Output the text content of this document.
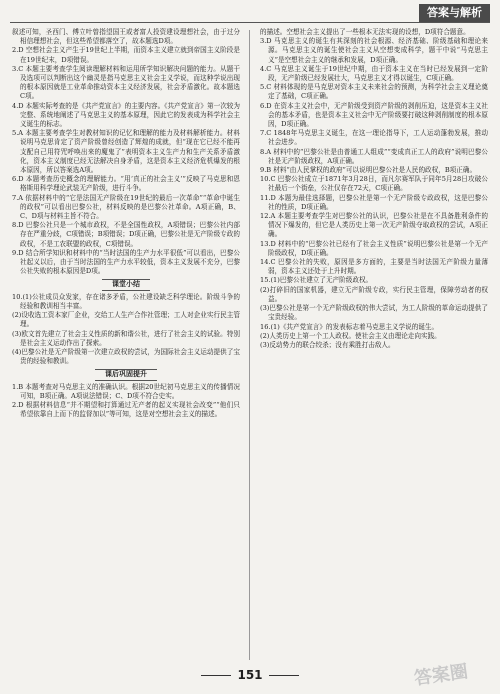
答案与解析

叙述可知，圣西门、傅立叶曾指望国王或者富人投资建设理想社会，由于过分相信理想社会，但这些希望都落空了，故本题选D项。

2.D 空想社会主义产生于19世纪上半期，而资本主义建立就到帝国主义阶段是在19世纪末，D项错误。

3.C 本题主要考查学生阅读理解材料和运用所学知识解决问题的能力。从题干及选项可以判断出这个幽灵是指马克思主义社会主义学说，而这种学说出现的根本原因就是工业革命推动资本主义经济发展，社会矛盾激化。故本题选C项。

4.D 本题实际考查的是《共产党宣言》的主要内容。《共产党宣言》第一次较为完整、系统地阐述了马克思主义的基本原理，因此它的发表成为科学社会主义诞生的标志。

5.A 本题主要考查学生对教材知识的记忆和理解的能力及材料解析能力。材料说明马克思肯定了资产阶级曾经创造了辉煌的成就，但“现在它已经不能再支配自己用符咒呼唤出来的魔鬼了”表明资本主义生产力和生产关系矛盾激化，资本主义制度已经无法解决自身矛盾，这是资本主义经济危机爆发的根本原因，所以答案选A项。

6.D 本题考查历史概念的理解能力。“用‘真正的社会主义’”反映了马克思和恩格斯用科学理论武装无产阶级，进行斗争。

7.A 依据材料中的“它是法国无产阶级在19世纪的最后一次革命”“革命中诞生的政权”可以看出巴黎公社，材料反映的是巴黎公社革命。A项正确，B、C、D项与材料主旨不符合。

8.D 巴黎公社只是一个城市政权，不是全国性政权，A项错误；巴黎公社内部存在严重分歧，C项错误；B项错误；D项正确，巴黎公社是无产阶级专政的政权，不是工农联盟的政权，C项错误。

9.D 结合所学知识和材料中的“当时法国的生产力水平很低”可以看出，巴黎公社起义以后，由于当时法国的生产力水平较低，资本主义发展不充分，巴黎公社失败的根本原因是D项。

课堂小结

10.(1)公社成员众发家，存在诸多矛盾，公社建设缺乏科学理论。阶级斗争的经验和教训相当丰富。

(2)设收选工资本家厂企业，交给工人生产合作社管理；工人对企业实行民主管理。

(3)欧文首先建立了社会主义性质的新和谐公社，进行了社会主义的试验。特别是社会主义运动作出了探索。

(4)巴黎公社是无产阶级第一次建立政权的尝试，为国际社会主义运动提供了宝贵的经验和教训。

课后巩固提升

1.B 本题考查对马克思主义的准确认识。根据20世纪初马克思主义的传播情况可知，B项正确。A项说法错误；C、D项不符合史实。

2.D 根据材料信息“并不期望和打算通过无产者的起义实现社会改变”“他们只希望依靠自上而下的监督加以”等可知，这是对空想社会主义的描述。

的描述。空想社会主义提出了一些根本无法实现的设想，D项符合题意。

3.D 马克思主义的诞生有其深刻的社会根源、经济基础、阶级基础和理论来源。马克思主义的诞生使社会主义从空想变成科学，题干中说“马克思主义”是空想社会主义的继承和发展，D项正确。

4.C 马克思主义诞生于19世纪中期，由于资本主义在当时已经发展到一定阶段，无产阶级已经发展壮大，马克思主义才得以诞生，C项正确。

5.C 材料体现的是马克思对资本主义未来社会的预测，为科学社会主义理论奠定了基础，C项正确。

6.D 在资本主义社会中，无产阶级受到资产阶级的剥削压迫，这是资本主义社会的基本矛盾，也是资本主义社会中无产阶级要打破这种剥削制度的根本原因，D项正确。

7.C 1848年马克思主义诞生，在这一理论指导下，工人运动蓬勃发展，推动社会进步。

8.A 材料中的“巴黎公社是由普通工人组成”“变成真正工人的政府”说明巴黎公社是无产阶级政权，A项正确。

9.B 材料“由人民掌权的政府”可以说明巴黎公社是人民的政权，B项正确。

10.C 巴黎公社成立于1871年3月28日，而凡尔赛军队于同年5月28日攻破公社最后一个街垒，公社仅存在72天，C项正确。

11.D 本题为最佳选择题，巴黎公社是第一个无产阶级专政政权，这是巴黎公社的性质，D项正确。

12.A 本题主要考查学生对巴黎公社的认识，巴黎公社是在不具备胜利条件的情况下爆发的，但它是人类历史上第一次无产阶级夺取政权的尝试，A项正确。

13.D 材料中的“巴黎公社已经有了社会主义性质”说明巴黎公社是第一个无产阶级政权，D项正确。

14.C 巴黎公社的失败，原因是多方面的，主要是当时法国无产阶级力量薄弱，资本主义还处于上升时期。

15.(1)巴黎公社建立了无产阶级政权。

(2)打碎旧的国家机器，建立无产阶级专政，实行民主管理，保障劳动者的权益。

(3)巴黎公社是第一个无产阶级政权的伟大尝试，为工人阶级的革命运动提供了宝贵经验。

16.(1)《共产党宣言》的发表标志着马克思主义学说的诞生。

(2)人类历史上第一个工人政权。使社会主义由理论走向实践。

(3)反动势力的联合绞杀；没有乘胜打击敌人。

151	答案圈
